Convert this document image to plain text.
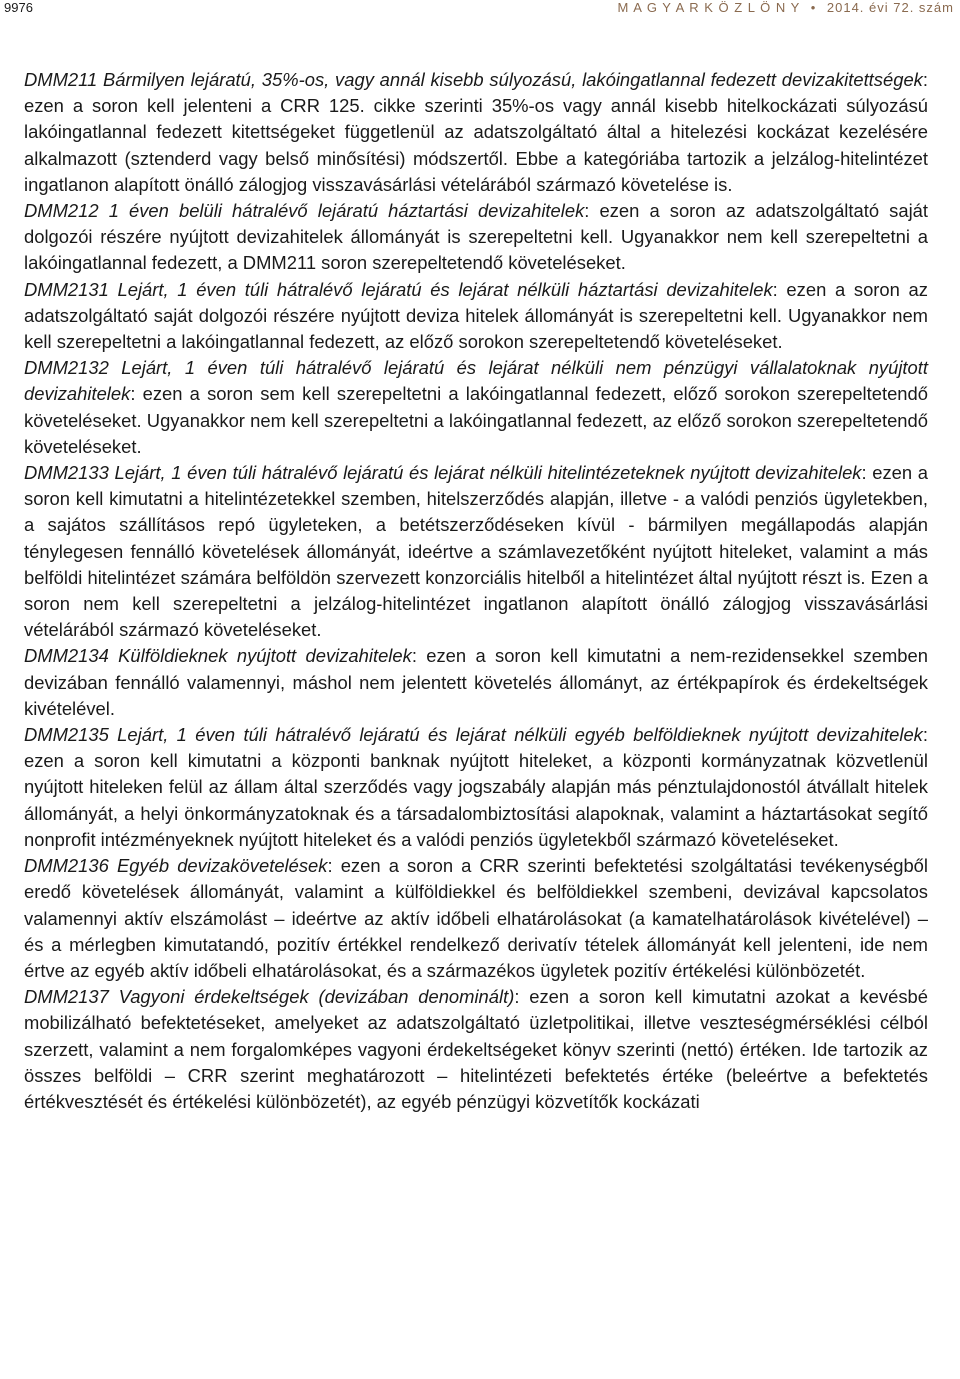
9976	M A G Y A R K Ö Z L Ö N Y • 2014. évi 72. szám

DMM211 Bármilyen lejáratú, 35%-os, vagy annál kisebb súlyozású, lakóingatlannal fedezett devizakitettségek: ezen a soron kell jelenteni a CRR 125. cikke szerinti 35%-os vagy annál kisebb hitelkockázati súlyozású lakóingatlannal fedezett kitettségeket függetlenül az adatszolgáltató által a hitelezési kockázat kezelésére alkalmazott (sztenderd vagy belső minősítési) módszertől. Ebbe a kategóriába tartozik a jelzálog-hitelintézet ingatlanon alapított önálló zálogjog visszavásárlási vételárából származó követelése is.

DMM212 1 éven belüli hátralévő lejáratú háztartási devizahitelek: ezen a soron az adatszolgáltató saját dolgozói részére nyújtott devizahitelek állományát is szerepeltetni kell. Ugyanakkor nem kell szerepeltetni a lakóingatlannal fedezett, a DMM211 soron szerepeltetendő követeléseket.

DMM2131 Lejárt, 1 éven túli hátralévő lejáratú és lejárat nélküli háztartási devizahitelek: ezen a soron az adatszolgáltató saját dolgozói részére nyújtott deviza hitelek állományát is szerepeltetni kell. Ugyanakkor nem kell szerepeltetni a lakóingatlannal fedezett, az előző sorokon szerepeltetendő követeléseket.

DMM2132 Lejárt, 1 éven túli hátralévő lejáratú és lejárat nélküli nem pénzügyi vállalatoknak nyújtott devizahitelek: ezen a soron sem kell szerepeltetni a lakóingatlannal fedezett, előző sorokon szerepeltetendő követeléseket. Ugyanakkor nem kell szerepeltetni a lakóingatlannal fedezett, az előző sorokon szerepeltetendő követeléseket.

DMM2133 Lejárt, 1 éven túli hátralévő lejáratú és lejárat nélküli hitelintézeteknek nyújtott devizahitelek: ezen a soron kell kimutatni a hitelintézetekkel szemben, hitelszerződés alapján, illetve - a valódi penziós ügyletekben, a sajátos szállításos repó ügyleteken, a betétszerződéseken kívül - bármilyen megállapodás alapján ténylegesen fennálló követelések állományát, ideértve a számlavezetőként nyújtott hiteleket, valamint a más belföldi hitelintézet számára belföldön szervezett konzorciális hitelből a hitelintézet által nyújtott részt is. Ezen a soron nem kell szerepeltetni a jelzálog-hitelintézet ingatlanon alapított önálló zálogjog visszavásárlási vételárából származó követeléseket.

DMM2134 Külföldieknek nyújtott devizahitelek: ezen a soron kell kimutatni a nem-rezidensekkel szemben devizában fennálló valamennyi, máshol nem jelentett követelés állományt, az értékpapírok és érdekeltségek kivételével.

DMM2135 Lejárt, 1 éven túli hátralévő lejáratú és lejárat nélküli egyéb belföldieknek nyújtott devizahitelek: ezen a soron kell kimutatni a központi banknak nyújtott hiteleket, a központi kormányzatnak közvetlenül nyújtott hiteleken felül az állam által szerződés vagy jogszabály alapján más pénztulajdonostól átvállalt hitelek állományát, a helyi önkormányzatoknak és a társadalombiztosítási alapoknak, valamint a háztartásokat segítő nonprofit intézményeknek nyújtott hiteleket és a valódi penziós ügyletekből származó követeléseket.

DMM2136 Egyéb devizakövetelések: ezen a soron a CRR szerinti befektetési szolgáltatási tevékenységből eredő követelések állományát, valamint a külföldiekkel és belföldiekkel szembeni, devizával kapcsolatos valamennyi aktív elszámolást – ideértve az aktív időbeli elhatárolásokat (a kamatelhatárolások kivételével) – és a mérlegben kimutatandó, pozitív értékkel rendelkező derivatív tételek állományát kell jelenteni, ide nem értve az egyéb aktív időbeli elhatárolásokat, és a származékos ügyletek pozitív értékelési különbözetét.

DMM2137 Vagyoni érdekeltségek (devizában denominált): ezen a soron kell kimutatni azokat a kevésbé mobilizálható befektetéseket, amelyeket az adatszolgáltató üzletpolitikai, illetve veszteségmérséklési célból szerzett, valamint a nem forgalomképes vagyoni érdekeltségeket könyv szerinti (nettó) értéken. Ide tartozik az összes belföldi – CRR szerint meghatározott – hitelintézeti befektetés értéke (beleértve a befektetés értékvesztését és értékelési különbözetét), az egyéb pénzügyi közvetítők kockázati
